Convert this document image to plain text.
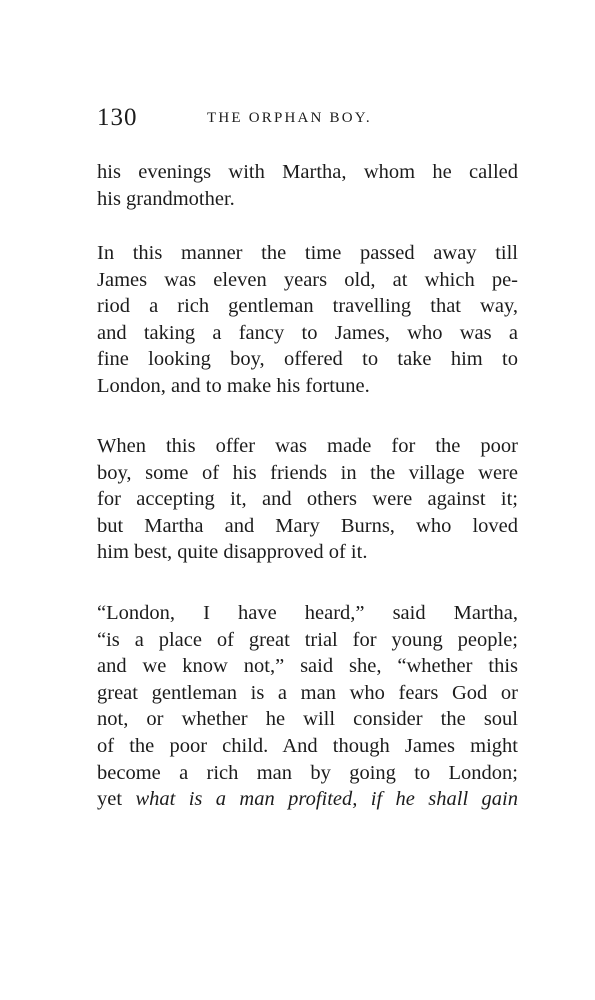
130	THE ORPHAN BOY.

his evenings with Martha, whom he called
his grandmother.

In this manner the time passed away till
James was eleven years old, at which pe-
riod a rich gentleman travelling that way,
and taking a fancy to James, who was a
fine looking boy, offered to take him to
London, and to make his fortune.

When this offer was made for the poor
boy, some of his friends in the village were
for accepting it, and others were against it;
but Martha and Mary Burns, who loved
him best, quite disapproved of it.

“London, I have heard,” said Martha,
“is a place of great trial for young people;
and we know not,” said she, “whether this
great gentleman is a man who fears God or
not, or whether he will consider the soul
of the poor child. And though James might
become a rich man by going to London;
yet what is a man profited, if he shall gain
